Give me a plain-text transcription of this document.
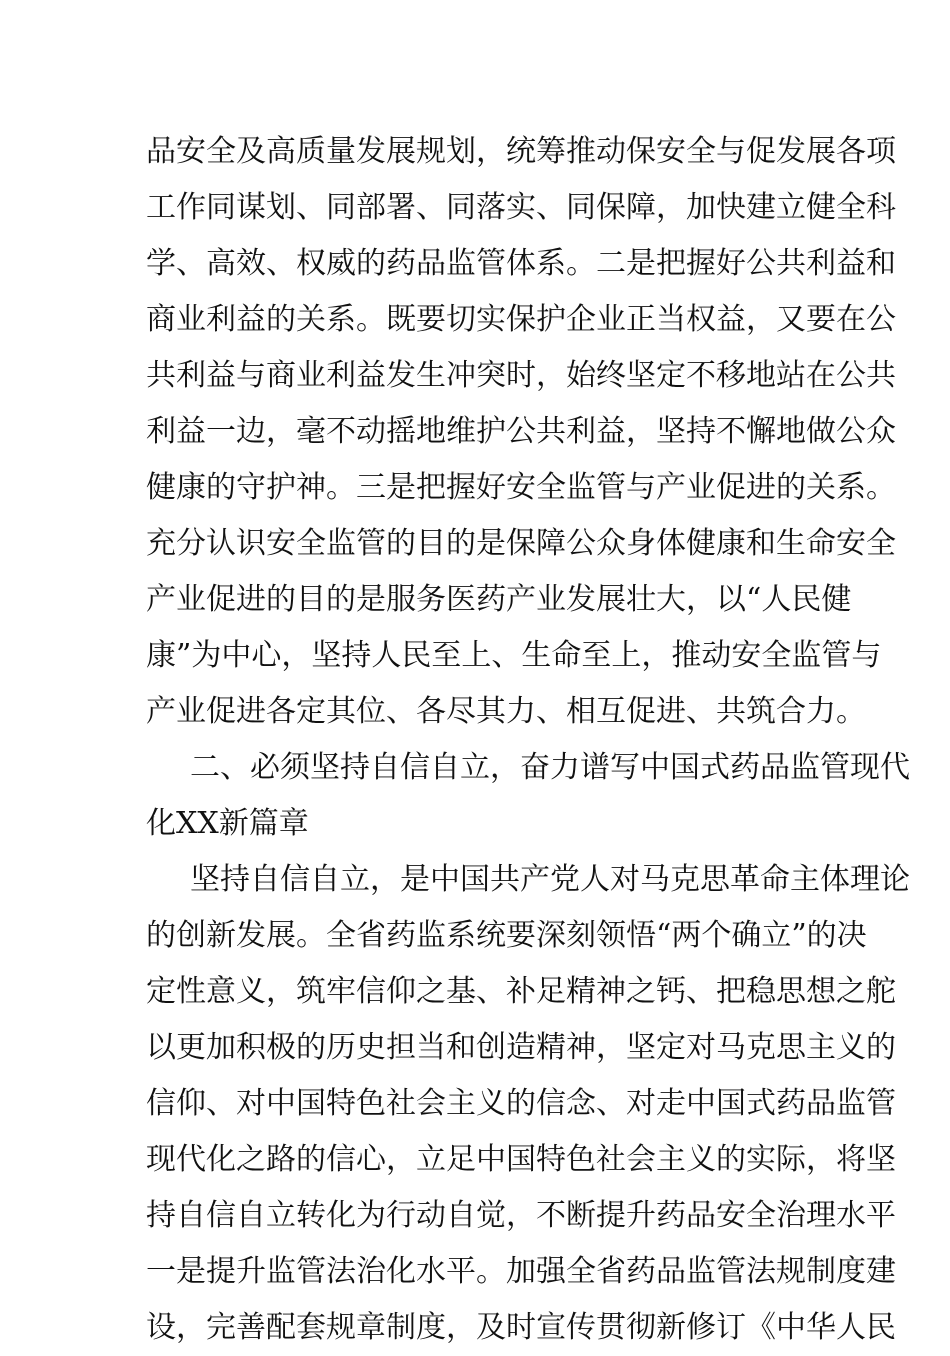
品安全及高质量发展规划，统筹推动保安全与促发展各项
工作同谋划、同部署、同落实、同保障，加快建立健全科
学、高效、权威的药品监管体系。二是把握好公共利益和
商业利益的关系。既要切实保护企业正当权益，又要在公
共利益与商业利益发生冲突时，始终坚定不移地站在公共
利益一边，毫不动摇地维护公共利益，坚持不懈地做公众
健康的守护神。三是把握好安全监管与产业促进的关系。
充分认识安全监管的目的是保障公众身体健康和生命安全
产业促进的目的是服务医药产业发展壮大，以“人民健
康”为中心，坚持人民至上、生命至上，推动安全监管与
产业促进各定其位、各尽其力、相互促进、共筑合力。
二、必须坚持自信自立，奋力谱写中国式药品监管现代
化XX新篇章
坚持自信自立，是中国共产党人对马克思革命主体理论
的创新发展。全省药监系统要深刻领悟“两个确立”的决
定性意义，筑牢信仰之基、补足精神之钙、把稳思想之舵
以更加积极的历史担当和创造精神，坚定对马克思主义的
信仰、对中国特色社会主义的信念、对走中国式药品监管
现代化之路的信心，立足中国特色社会主义的实际，将坚
持自信自立转化为行动自觉，不断提升药品安全治理水平
一是提升监管法治化水平。加强全省药品监管法规制度建
设，完善配套规章制度，及时宣传贯彻新修订《中华人民
